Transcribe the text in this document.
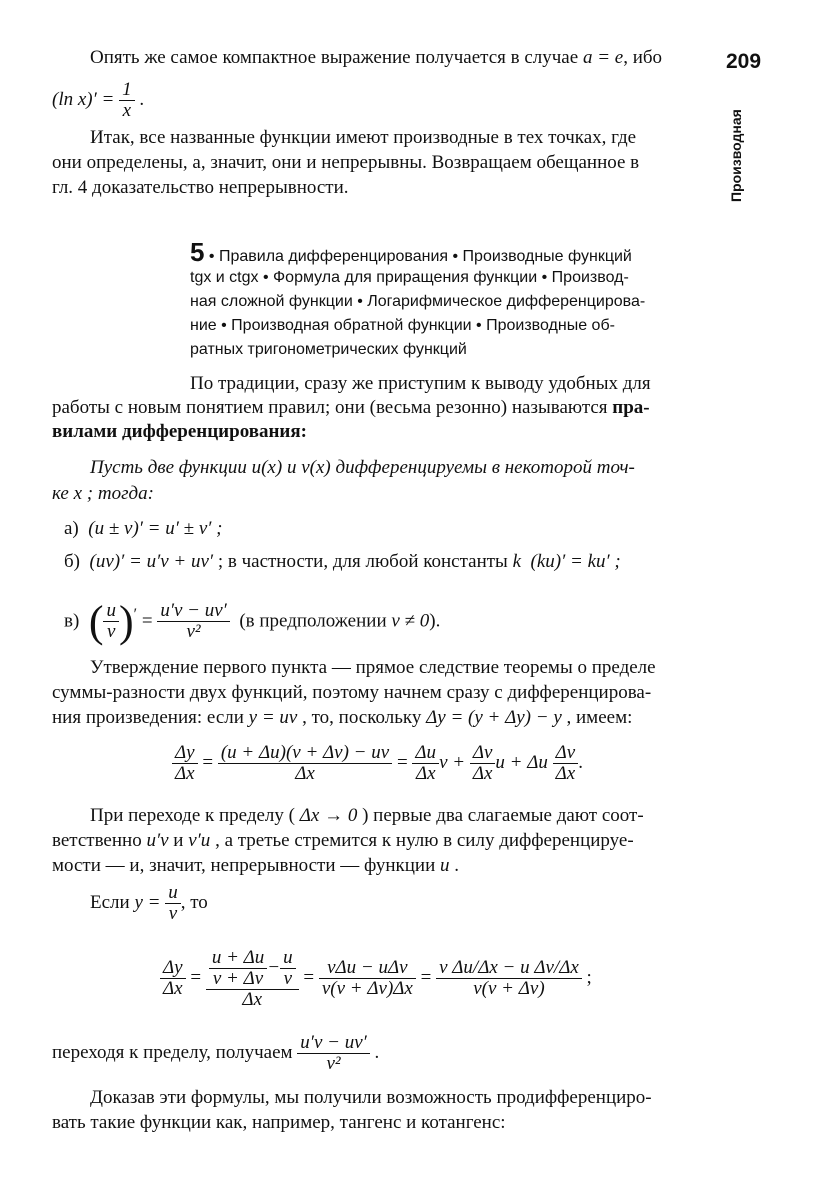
209
Производная
Опять же самое компактное выражение получается в случае a = e, ибо
(ln $x)' = \frac{1}{x}$ .
Итак, все названные функции имеют производные в тех точках, где
они определены, а, значит, они и непрерывны. Возвращаем обещанное в
гл. 4 доказательство непрерывности.
5 • Правила дифференцирования • Производные функций
tgx и ctgx • Формула для приращения функции • Производ-
ная сложной функции • Логарифмическое дифференцирова-
ние • Производная обратной функции • Производные об-
ратных тригонометрических функций
По традиции, сразу же приступим к выводу удобных для
работы с новым понятием правил; они (весьма резонно) называются пра-
вилами дифференцирования:
Пусть две функции u(x) и v(x) дифференцируемы в некоторой точ-
ке x ; тогда:
а) (u ± v)′ = u′ ± v′ ;
б) (uv)′ = u′v + uv′ ; в частности, для любой константы k (ku)′ = ku′ ;
в) ( $\frac{u}{v} )' = \frac{u'v - uv'}{\text{v²}} (в$ предположении v ≠ 0).
Утверждение первого пункта — прямое следствие теоремы о пределе
суммы-разности двух функций, поэтому начнем сразу с дифференцирова-
ния произведения: если y = uv , то, поскольку Δy = (y + Δy) − y , имеем:
$\frac{\Delta y}{\Delta x} = \frac{(u + \Delta u)(v + \Delta v) - uv}{\Delta x} = \frac{\Delta u}{\Delta x}$ $v + \frac{\Delta v}{\Delta x}$ u + Δu $\frac{\Delta v}{\Delta x}$ .
При переходе к пределу ( Δx → 0 ) первые два слагаемые дают соот-
ветственно u′v и v′u , а третье стремится к нулю в силу дифференцируе-
мости — и, значит, непрерывности — функции u .
Если $y = \frac{u}{v}$ , то
$\frac{\Delta y}{\Delta x} = \frac{\frac{u + \Delta u}{v + \Delta v} - \frac{u}{v}}{\Delta x} = \frac{\text{vΔu − uΔv}}{v(v + \Delta v)\Delta x} = \frac{\text{v Δu/Δx − u Δv/Δx}}{v(v + \Delta v)}$ ;
переходя к пределу, получаем $\frac{u'v - uv'}{\text{v²}}$ .
Доказав эти формулы, мы получили возможность продифференциро-
вать такие функции как, например, тангенс и котангенс:
